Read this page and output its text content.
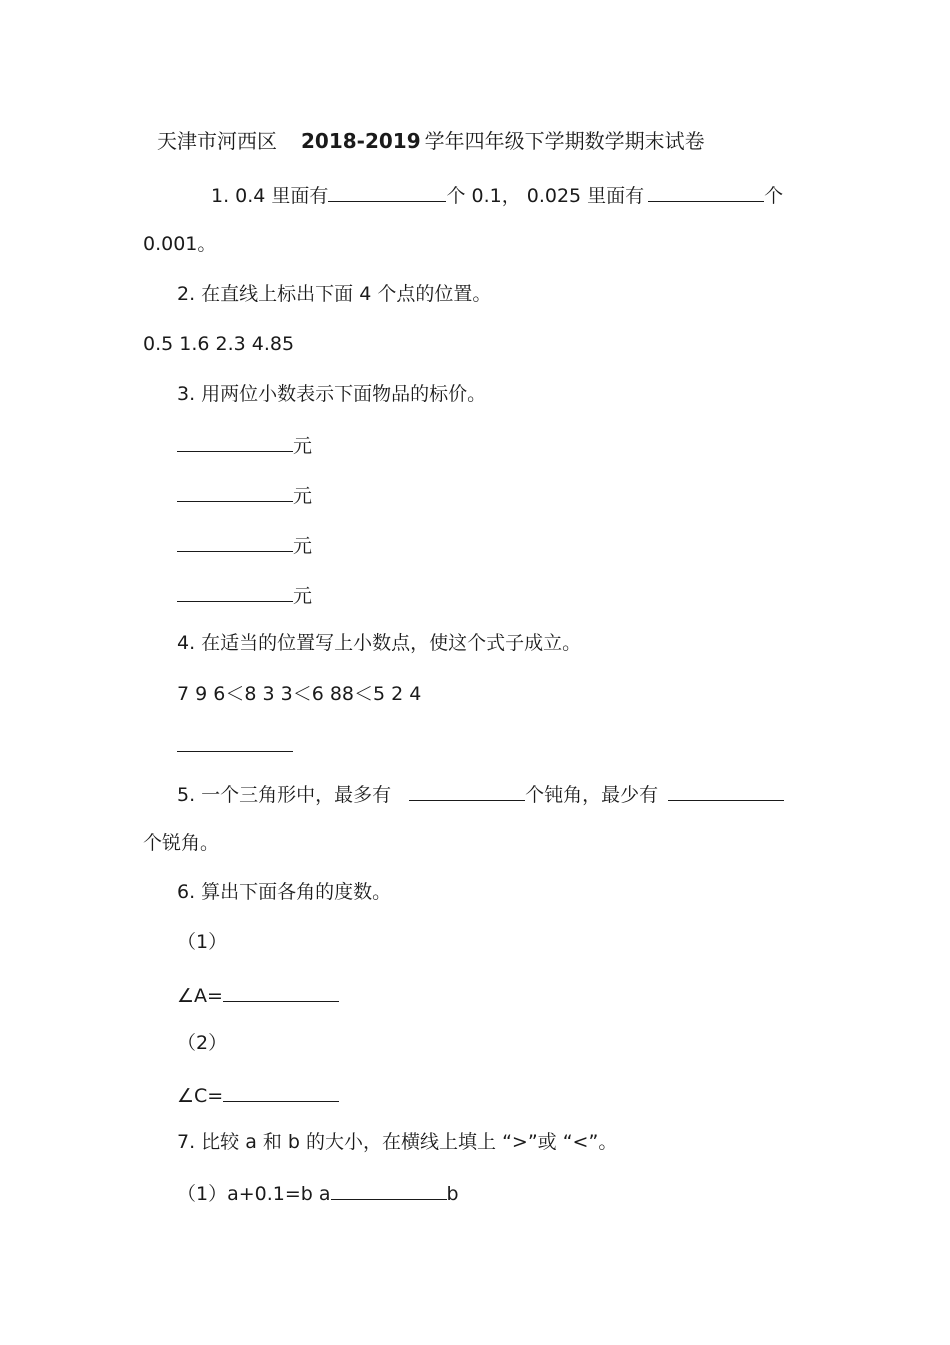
天津市河西区 2018-2019 学年四年级下学期数学期末试卷
1. 0.4 里面有	个 0.1， 0.025 里面有	个
0.001。
2. 在直线上标出下面 4 个点的位置。
0.5 1.6 2.3 4.85
3. 用两位小数表示下面物品的标价。
元
元
元
元
4. 在适当的位置写上小数点，使这个式子成立。
7 9 6＜8 3 3＜6 88＜5 2 4
5. 一个三角形中，最多有	个钝角，最少有
个锐角。
6. 算出下面各角的度数。
（1）
∠A=
（2）
∠C=
7. 比较 a 和 b 的大小，在横线上填上 “>”或 “<”。
（1）a+0.1=b a	b
